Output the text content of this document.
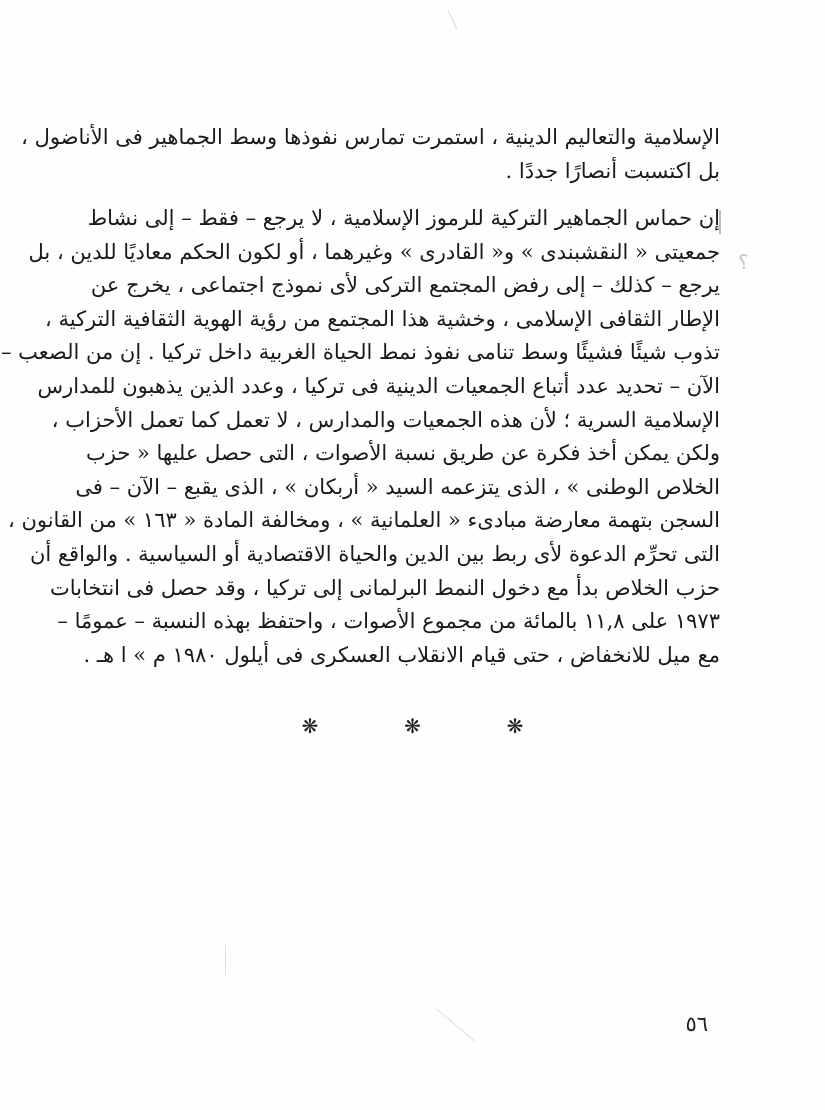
الإسلامية والتعاليم الدينية ، استمرت تمارس نفوذها وسط الجماهير فى الأناضول ،
بل اكتسبت أنصارًا جددًا .
؟
إن حماس الجماهير التركية للرموز الإسلامية ، لا يرجع – فقط – إلى نشاط
جمعيتى « النقشبندى » و« القادرى » وغيرهما ، أو لكون الحكم معاديًا للدين ، بل
يرجع – كذلك – إلى رفض المجتمع التركى لأى نموذج اجتماعى ، يخرج عن
الإطار الثقافى الإسلامى ، وخشية هذا المجتمع من رؤية الهوية الثقافية التركية ،
تذوب شيئًا فشيئًا وسط تنامى نفوذ نمط الحياة الغربية داخل تركيا . إن من الصعب –
الآن – تحديد عدد أتباع الجمعيات الدينية فى تركيا ، وعدد الذين يذهبون للمدارس
الإسلامية السرية ؛ لأن هذه الجمعيات والمدارس ، لا تعمل كما تعمل الأحزاب ،
ولكن يمكن أخذ فكرة عن طريق نسبة الأصوات ، التى حصل عليها « حزب
الخلاص الوطنى » ، الذى يتزعمه السيد « أربكان » ، الذى يقبع – الآن – فى
السجن بتهمة معارضة مبادىء « العلمانية » ، ومخالفة المادة « ١٦٣ » من القانون ،
التى تحرِّم الدعوة لأى ربط بين الدين والحياة الاقتصادية أو السياسية . والواقع أن
حزب الخلاص بدأ مع دخول النمط البرلمانى إلى تركيا ، وقد حصل فى انتخابات
١٩٧٣ على ١١,٨ بالمائة من مجموع الأصوات ، واحتفظ بهذه النسبة – عمومًا –
مع ميل للانخفاض ، حتى قيام الانقلاب العسكرى فى أيلول ١٩٨٠ م » ا هـ .
❋	❋	❋
٥٦
